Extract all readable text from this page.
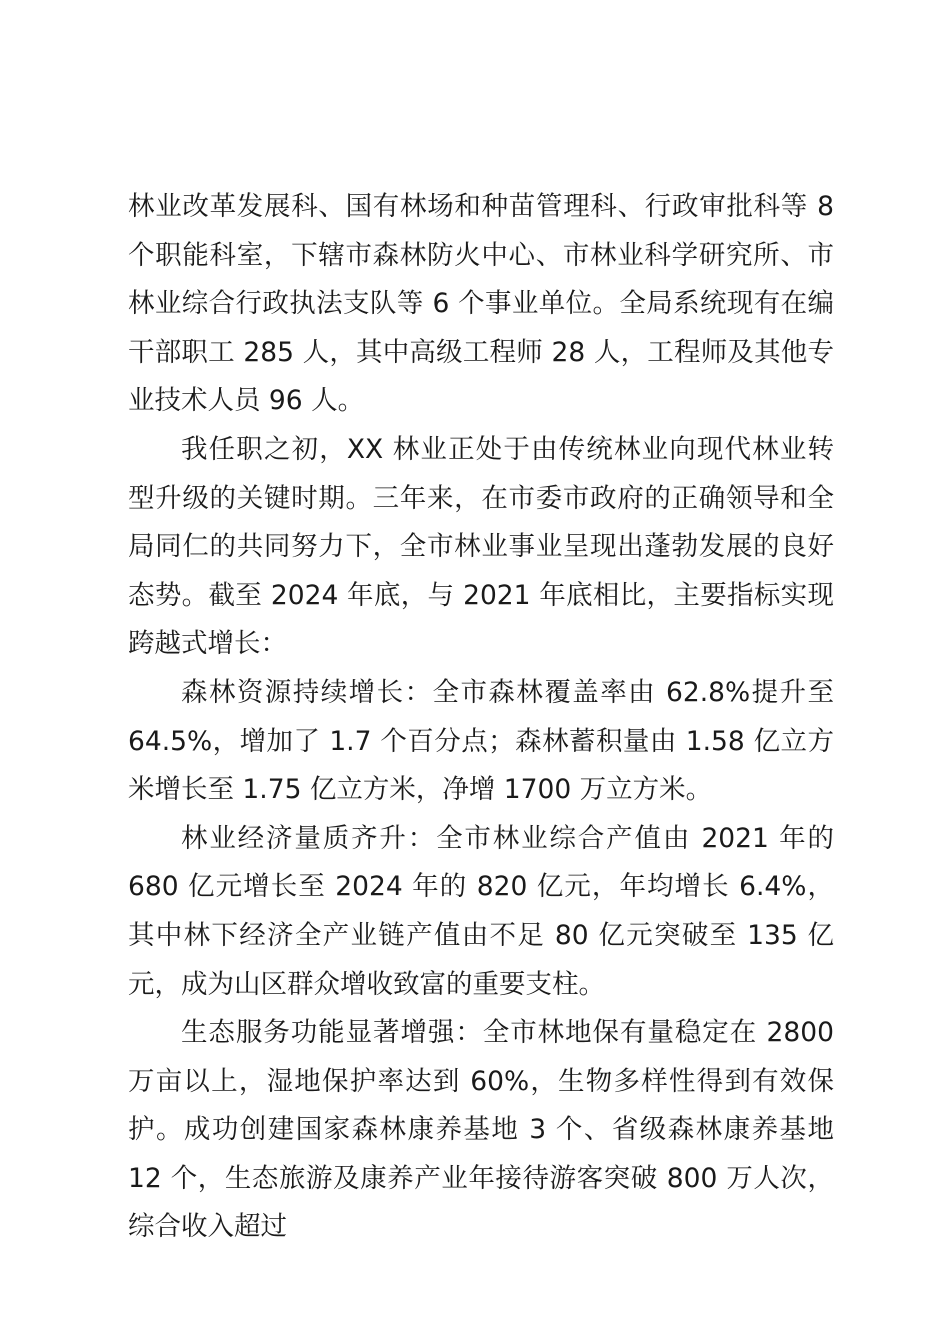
林业改革发展科、国有林场和种苗管理科、行政审批科等 8 个职能科室，下辖市森林防火中心、市林业科学研究所、市林业综合行政执法支队等 6 个事业单位。全局系统现有在编干部职工 285 人，其中高级工程师 28 人，工程师及其他专业技术人员 96 人。

我任职之初，XX 林业正处于由传统林业向现代林业转型升级的关键时期。三年来，在市委市政府的正确领导和全局同仁的共同努力下，全市林业事业呈现出蓬勃发展的良好态势。截至 2024 年底，与 2021 年底相比，主要指标实现跨越式增长：

森林资源持续增长：全市森林覆盖率由 62.8%提升至 64.5%，增加了 1.7 个百分点；森林蓄积量由 1.58 亿立方米增长至 1.75 亿立方米，净增 1700 万立方米。

林业经济量质齐升：全市林业综合产值由 2021 年的 680 亿元增长至 2024 年的 820 亿元，年均增长 6.4%，其中林下经济全产业链产值由不足 80 亿元突破至 135 亿元，成为山区群众增收致富的重要支柱。

生态服务功能显著增强：全市林地保有量稳定在 2800 万亩以上，湿地保护率达到 60%，生物多样性得到有效保护。成功创建国家森林康养基地 3 个、省级森林康养基地 12 个，生态旅游及康养产业年接待游客突破 800 万人次，综合收入超过
